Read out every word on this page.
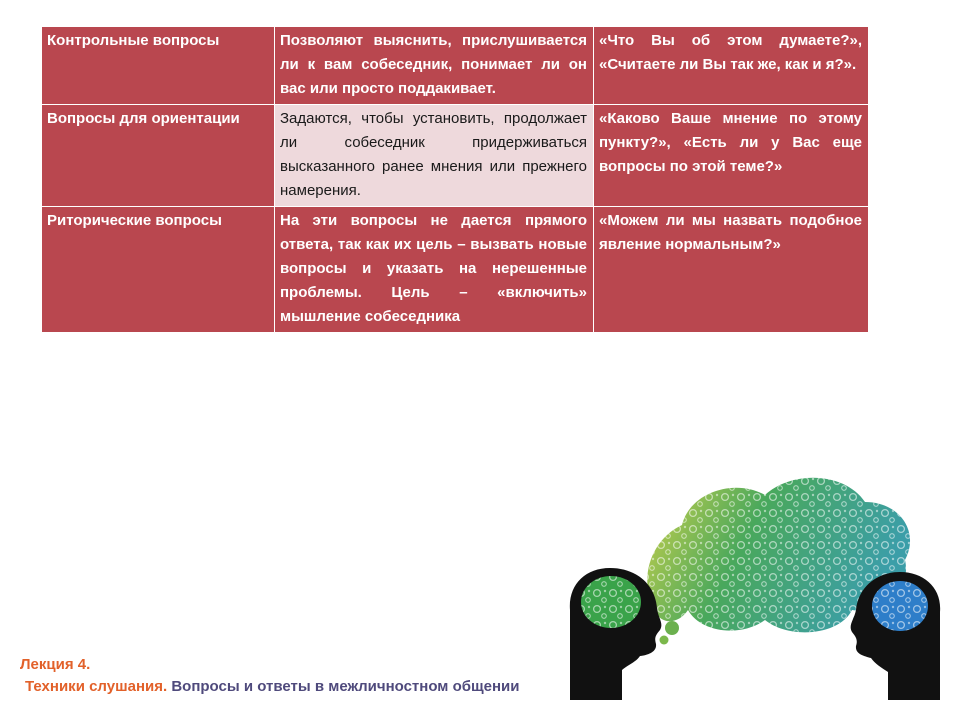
Контрольные вопросы	Позволяют выяснить, прислушивается ли к вам собеседник, понимает ли он вас или просто поддакивает.	«Что Вы об этом думаете?», «Считаете ли Вы так же, как и я?».
Вопросы для ориентации	Задаются, чтобы установить, продолжает ли собеседник придерживаться высказанного ранее мнения или прежнего намерения.	«Каково Ваше мнение по этому пункту?», «Есть ли у Вас еще вопросы по этой теме?»
Риторические вопросы	На эти вопросы не дается прямого ответа, так как их цель – вызвать новые вопросы и указать на нерешенные проблемы. Цель – «включить» мышление собеседника	«Можем ли мы назвать подобное явление нормальным?»
Лекция 4.
Техники слушания. Вопросы и ответы в межличностном общении
